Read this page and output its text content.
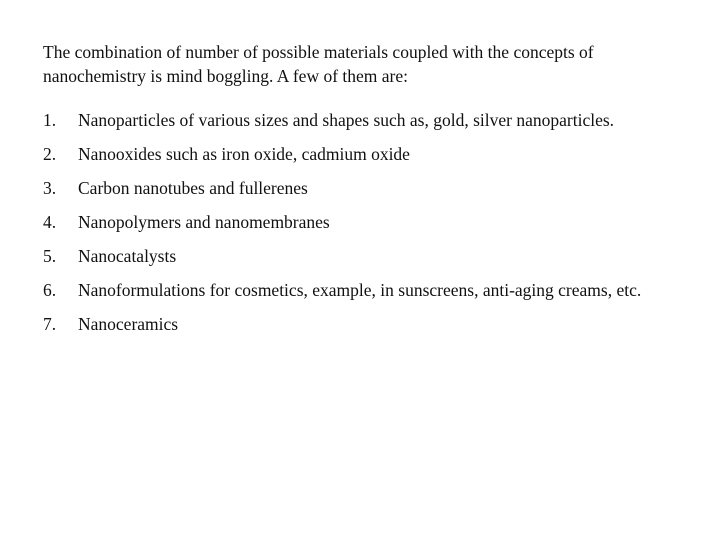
The combination of number of possible materials coupled with the concepts of nanochemistry is mind boggling. A few of them are:

1.	Nanoparticles of various sizes and shapes such as, gold, silver nanoparticles.
2.	Nanooxides such as iron oxide, cadmium oxide
3.	Carbon nanotubes and fullerenes
4.	Nanopolymers and nanomembranes
5.	Nanocatalysts
6.	Nanoformulations for cosmetics, example, in sunscreens, anti-aging creams, etc.
7.	Nanoceramics
